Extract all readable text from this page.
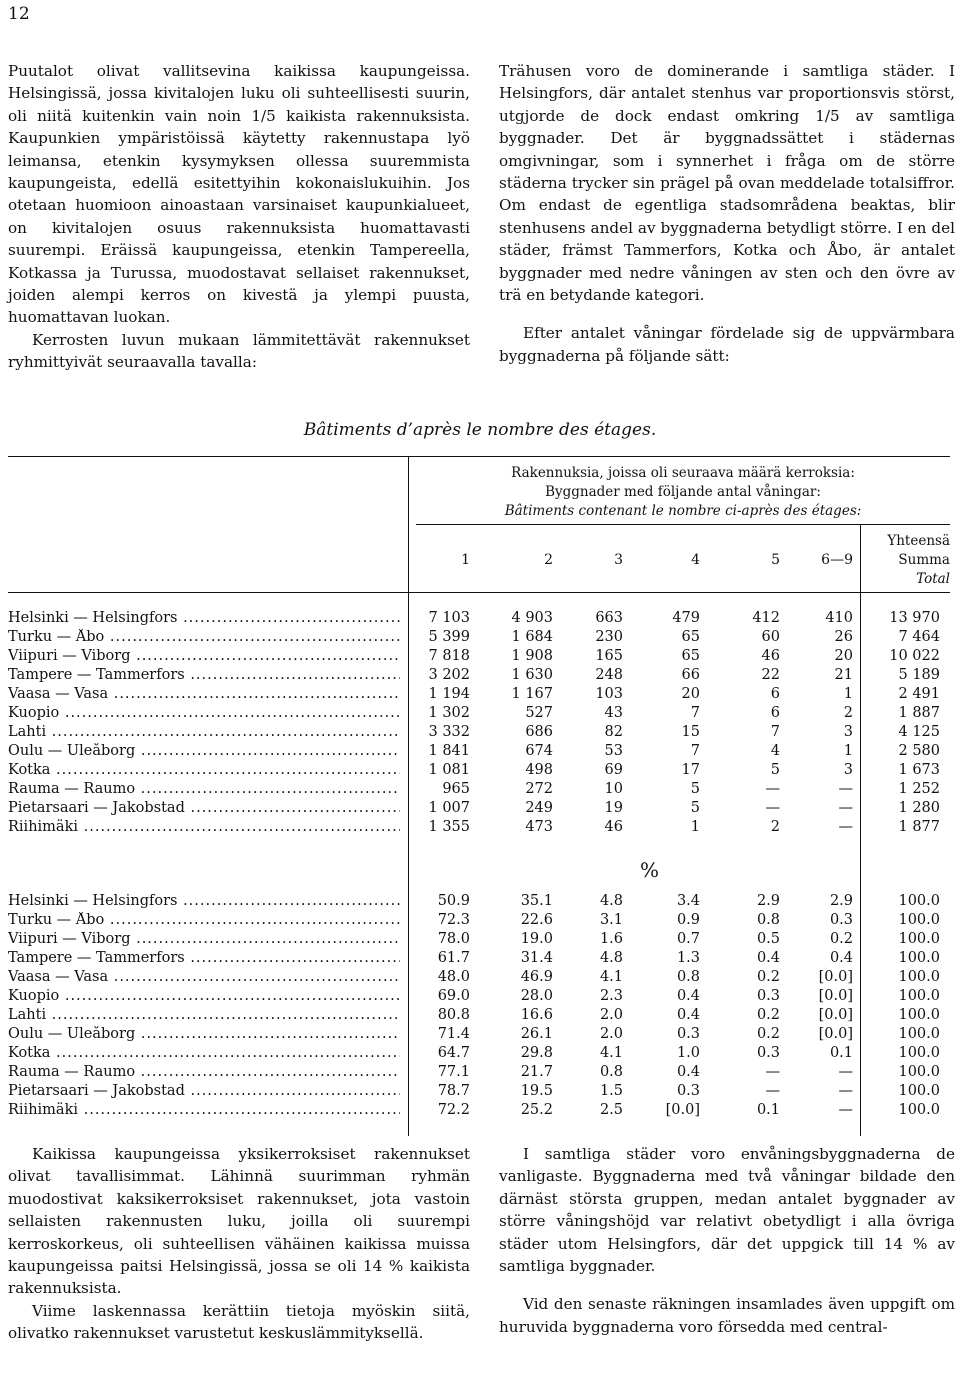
12

Puutalot olivat vallitsevina kaikissa kaupungeissa. Helsingissä, jossa kivitalojen luku oli suhteellisesti suurin, oli niitä kuitenkin vain noin 1/5 kaikista rakennuksista. Kaupunkien ympäristöissä käytetty rakennustapa lyö leimansa, etenkin kysymyksen ollessa suuremmista kaupungeista, edellä esitettyihin kokonaislukuihin. Jos otetaan huomioon ainoastaan varsinaiset kaupunkialueet, on kivitalojen osuus rakennuksista huomattavasti suurempi. Eräissä kaupungeissa, etenkin Tampereella, Kotkassa ja Turussa, muodostavat sellaiset rakennukset, joiden alempi kerros on kivestä ja ylempi puusta, huomattavan luokan.

Kerrosten luvun mukaan lämmitettävät rakennukset ryhmittyivät seuraavalla tavalla:

Trähusen voro de dominerande i samtliga städer. I Helsingfors, där antalet stenhus var proportionsvis störst, utgjorde de dock endast omkring 1/5 av samtliga byggnader. Det är byggnadssättet i städernas omgivningar, som i synnerhet i fråga om de större städerna trycker sin prägel på ovan meddelade totalsiffror. Om endast de egentliga stadsområdena beaktas, blir stenhusens andel av byggnaderna betydligt större. I en del städer, främst Tammerfors, Kotka och Åbo, är antalet byggnader med nedre våningen av sten och den övre av trä en betydande kategori.

Efter antalet våningar fördelade sig de uppvärmbara byggnaderna på följande sätt:

Bâtiments d’après le nombre des étages.
Rakennuksia, joissa oli seuraava määrä kerroksia:
Byggnader med följande antal våningar:
Bâtiments contenant le nombre ci-après des étages:
Yhteensä
Summa
Total
%
1	2	3	4	5	6—9
Helsinki — Helsingfors .....	7 103	4 903	663	479	412	410	13 970
Turku — Åbo .....	5 399	1 684	230	65	60	26	7 464
Viipuri — Viborg .....	7 818	1 908	165	65	46	20	10 022
Tampere — Tammerfors .....	3 202	1 630	248	66	22	21	5 189
Vaasa — Vasa .....	1 194	1 167	103	20	6	1	2 491
Kuopio .....	1 302	527	43	7	6	2	1 887
Lahti .....	3 332	686	82	15	7	3	4 125
Oulu — Uleåborg .....	1 841	674	53	7	4	1	2 580
Kotka .....	1 081	498	69	17	5	3	1 673
Rauma — Raumo .....	965	272	10	5	—	—	1 252
Pietarsaari — Jakobstad .....	1 007	249	19	5	—	—	1 280
Riihimäki .....	1 355	473	46	1	2	—	1 877
Helsinki — Helsingfors .....	50.9	35.1	4.8	3.4	2.9	2.9	100.0
Turku — Åbo .....	72.3	22.6	3.1	0.9	0.8	0.3	100.0
Viipuri — Viborg .....	78.0	19.0	1.6	0.7	0.5	0.2	100.0
Tampere — Tammerfors .....	61.7	31.4	4.8	1.3	0.4	0.4	100.0
Vaasa — Vasa .....	48.0	46.9	4.1	0.8	0.2	[0.0]	100.0
Kuopio .....	69.0	28.0	2.3	0.4	0.3	[0.0]	100.0
Lahti .....	80.8	16.6	2.0	0.4	0.2	[0.0]	100.0
Oulu — Uleåborg .....	71.4	26.1	2.0	0.3	0.2	[0.0]	100.0
Kotka .....	64.7	29.8	4.1	1.0	0.3	0.1	100.0
Rauma — Raumo .....	77.1	21.7	0.8	0.4	—	—	100.0
Pietarsaari — Jakobstad .....	78.7	19.5	1.5	0.3	—	—	100.0
Riihimäki .....	72.2	25.2	2.5	[0.0]	0.1	—	100.0

Kaikissa kaupungeissa yksikerroksiset rakennukset olivat tavallisimmat. Lähinnä suurimman ryhmän muodostivat kaksikerroksiset rakennukset, jota vastoin sellaisten rakennusten luku, joilla oli suurempi kerroskorkeus, oli suhteellisen vähäinen kaikissa muissa kaupungeissa paitsi Helsingissä, jossa se oli 14 % kaikista rakennuksista.

Viime laskennassa kerättiin tietoja myöskin siitä, olivatko rakennukset varustetut keskuslämmityksellä.

I samtliga städer voro envåningsbyggnaderna de vanligaste. Byggnaderna med två våningar bildade den därnäst största gruppen, medan antalet byggnader av större våningshöjd var relativt obetydligt i alla övriga städer utom Helsingfors, där det uppgick till 14 % av samtliga byggnader.

Vid den senaste räkningen insamlades även uppgift om huruvida byggnaderna voro försedda med central-
